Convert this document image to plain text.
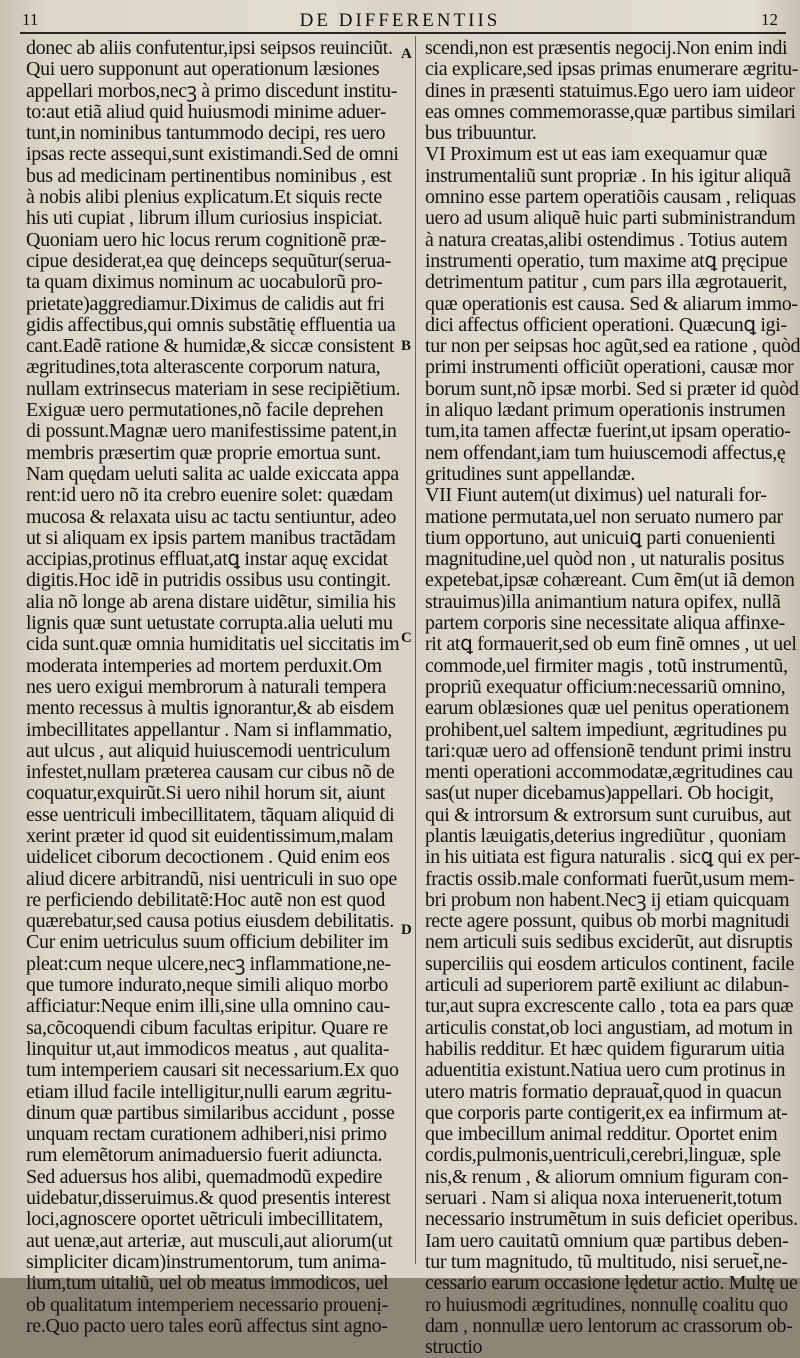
11	DE DIFFERENTIIS	12
A
B
C
D
donec ab aliis confutentur,ipsi seipsos reuinciũt.
Qui uero supponunt aut operationum læsiones
appellari morbos,necꝫ à primo discedunt institu-
to:aut etiã aliud quid huiusmodi minime aduer-
tunt,in nominibus tantummodo decipi, res uero
ipsas recte assequi,sunt existimandi.Sed de omni
bus ad medicinam pertinentibus nominibus , est
à nobis alibi plenius explicatum.Et siquis recte
his uti cupiat , librum illum curiosius inspiciat.
Quoniam uero hic locus rerum cognitionẽ præ-
cipue desiderat,ea quę deinceps sequũtur(serua-
ta quam diximus nominum ac uocabulorũ pro-
prietate)aggrediamur.Diximus de calidis aut fri
gidis affectibus,qui omnis substãtię effluentia ua
cant.Eadẽ ratione & humidæ,& siccæ consistent
ægritudines,tota alterascente corporum natura,
nullam extrinsecus materiam in sese recipiẽtium.
Exiguæ uero permutationes,nõ facile deprehen
di possunt.Magnæ uero manifestissime patent,in
membris præsertim quæ proprie emortua sunt.
Nam quędam ueluti salita ac ualde exiccata appa
rent:id uero nõ ita crebro euenire solet: quædam
mucosa & relaxata uisu ac tactu sentiuntur, adeo
ut si aliquam ex ipsis partem manibus tractãdam
accipias,protinus effluat,atꝗ instar aquę excidat
digitis.Hoc idẽ in putridis ossibus usu contingit.
alia nõ longe ab arena distare uidẽtur, similia his
lignis quæ sunt uetustate corrupta.alia ueluti mu
cida sunt.quæ omnia humiditatis uel siccitatis im
moderata intemperies ad mortem perduxit.Om
nes uero exigui membrorum à naturali tempera
mento recessus à multis ignorantur,& ab eisdem
imbecillitates appellantur . Nam si inflammatio,
aut ulcus , aut aliquid huiuscemodi uentriculum
infestet,nullam præterea causam cur cibus nõ de
coquatur,exquirũt.Si uero nihil horum sit, aiunt
esse uentriculi imbecillitatem, tãquam aliquid di
xerint præter id quod sit euidentissimum,malam
uidelicet ciborum decoctionem . Quid enim eos
aliud dicere arbitrandũ, nisi uentriculi in suo ope
re perficiendo debilitatẽ:Hoc autẽ non est quod
quærebatur,sed causa potius eiusdem debilitatis.
Cur enim uetriculus suum officium debiliter im
pleat:cum neque ulcere,necꝫ inflammatione,ne-
que tumore indurato,neque simili aliquo morbo
afficiatur:Neque enim illi,sine ulla omnino cau-
sa,cõcoquendi cibum facultas eripitur. Quare re
linquitur ut,aut immodicos meatus , aut qualita-
tum intemperiem causari sit necessarium.Ex quo
etiam illud facile intelligitur,nulli earum ægritu-
dinum quæ partibus similaribus accidunt , posse
unquam rectam curationem adhiberi,nisi primo
rum elemẽtorum animaduersio fuerit adiuncta.
Sed aduersus hos alibi, quemadmodũ expedire
uidebatur,disseruimus.& quod presentis interest
loci,agnoscere oportet uẽtriculi imbecillitatem,
aut uenæ,aut arteriæ, aut musculi,aut aliorum(ut
simpliciter dicam)instrumentorum, tum anima-
lium,tum uitaliũ, uel ob meatus immodicos, uel
ob qualitatum intemperiem necessario prouenị-
re.Quo pacto uero tales eorũ affectus sint agno-
scendi,non est præsentis negocij.Non enim indi
cia explicare,sed ipsas primas enumerare ægritu-
dines in præsenti statuimus.Ego uero iam uideor
eas omnes commemorasse,quæ partibus similari
bus tribuuntur.
VI Proximum est ut eas iam exequamur quæ
instrumentaliũ sunt propriæ . In his igitur aliquã
omnino esse partem operatiõis causam , reliquas
uero ad usum aliquẽ huic parti subministrandum
à natura creatas,alibi ostendimus . Totius autem
instrumenti operatio, tum maxime atꝗ pręcipue
detrimentum patitur , cum pars illa ægrotauerit,
quæ operationis est causa. Sed & aliarum immo-
dici affectus officient operationi. Quæcunꝗ igi-
tur non per seipsas hoc agũt,sed ea ratione , quòd
primi instrumenti officiũt operationi, causæ mor
borum sunt,nõ ipsæ morbi. Sed si præter id quòd
in aliquo lædant primum operationis instrumen
tum,ita tamen affectæ fuerint,ut ipsam operatio-
nem offendant,iam tum huiuscemodi affectus,ę
gritudines sunt appellandæ.
VII Fiunt autem(ut diximus) uel naturali for-
matione permutata,uel non seruato numero par
tium opportuno, aut unicuiꝗ parti conuenienti
magnitudine,uel quòd non , ut naturalis positus
expetebat,ipsæ cohæreant. Cum ẽm(ut iã demon
strauimus)illa animantium natura opifex, nullã
partem corporis sine necessitate aliqua affinxe-
rit atꝗ formauerit,sed ob eum finẽ omnes , ut uel
commode,uel firmiter magis , totũ instrumentũ,
propriũ exequatur officium:necessariũ omnino,
earum oblæsiones quæ uel penitus operationem
prohibent,uel saltem impediunt, ægritudines pu
tari:quæ uero ad offensionẽ tendunt primi instru
menti operationi accommodatæ,ægritudines cau
sas(ut nuper dicebamus)appellari. Ob hocigit,
qui & introrsum & extrorsum sunt curuibus, aut
plantis læuigatis,deterius ingrediũtur , quoniam
in his uitiata est figura naturalis . sicꝗ qui ex per-
fractis ossib.male conformati fuerũt,usum mem-
bri probum non habent.Necꝫ ij etiam quicquam
recte agere possunt, quibus ob morbi magnitudi
nem articuli suis sedibus exciderũt, aut disruptis
superciliis qui eosdem articulos continent, facile
articuli ad superiorem partẽ exiliunt ac dilabun-
tur,aut supra excrescente callo , tota ea pars quæ
articulis constat,ob loci angustiam, ad motum in
habilis redditur. Et hæc quidem figurarum uitia
aduentitia existunt.Natiua uero cum protinus in
utero matris formatio deprauat̃,quod in quacun
que corporis parte contigerit,ex ea infirmum at-
que imbecillum animal redditur. Oportet enim
cordis,pulmonis,uentriculi,cerebri,linguæ, sple
nis,& renum , & aliorum omnium figuram con-
seruari . Nam si aliqua noxa interuenerit,totum
necessario instrumẽtum in suis deficiet operibus.
Iam uero cauitatũ omnium quæ partibus deben-
tur tum magnitudo, tũ multitudo, nisi seruet̃,ne-
cessario earum occasione lędetur actio. Multę ue
ro huiusmodi ægritudines, nonnullę coalitu quo
dam , nonnullæ uero lentorum ac crassorum ob-
structio
